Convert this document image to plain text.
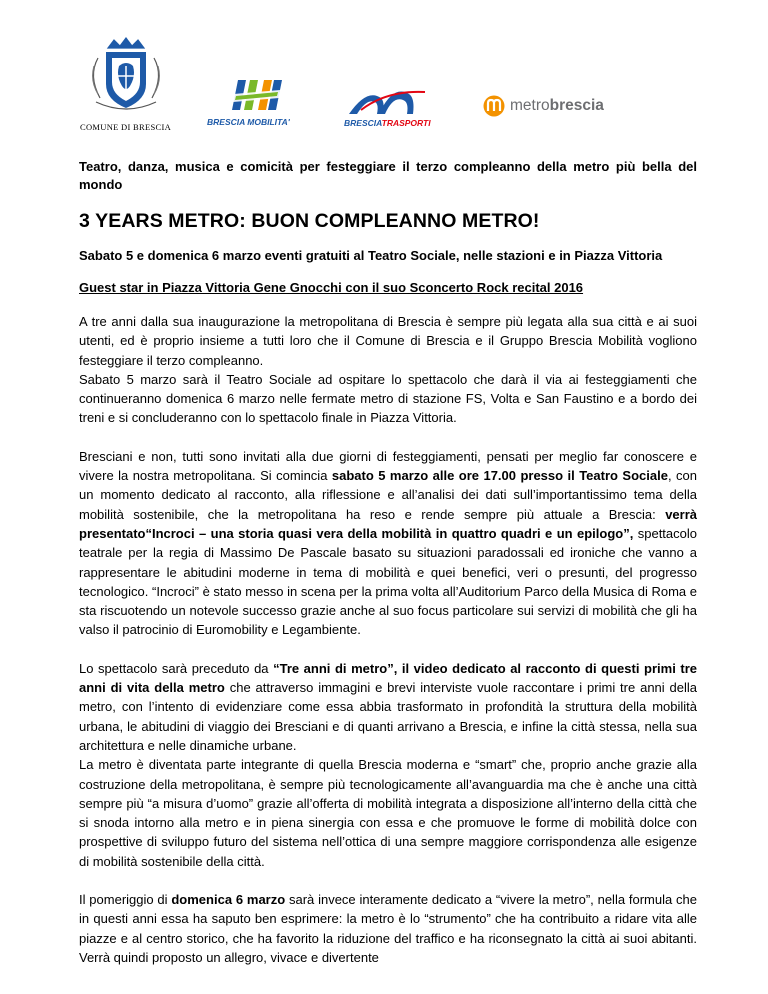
COMUNE DI BRESCIA	BRESCIA MOBILITA'	BRESCIATRASPORTI
metrobrescia

Teatro, danza, musica e comicità per festeggiare il terzo compleanno della metro più bella del mondo

3 YEARS METRO: BUON COMPLEANNO METRO!

Sabato 5 e domenica 6 marzo eventi gratuiti al Teatro Sociale, nelle stazioni e in Piazza Vittoria

Guest star in Piazza Vittoria Gene Gnocchi con il suo Sconcerto Rock recital 2016

A tre anni dalla sua inaugurazione la metropolitana di Brescia è sempre più legata alla sua città e ai suoi utenti, ed è proprio insieme a tutti loro che il Comune di Brescia e il Gruppo Brescia Mobilità vogliono festeggiare il terzo compleanno.

Sabato 5 marzo sarà il Teatro Sociale ad ospitare lo spettacolo che darà il via ai festeggiamenti che continueranno domenica 6 marzo nelle fermate metro di stazione FS, Volta e San Faustino e a bordo dei treni e si concluderanno con lo spettacolo finale in Piazza Vittoria.

Bresciani e non, tutti sono invitati alla due giorni di festeggiamenti, pensati per meglio far conoscere e vivere la nostra metropolitana. Si comincia sabato 5 marzo alle ore 17.00 presso il Teatro Sociale, con un momento dedicato al racconto, alla riflessione e all’analisi dei dati sull’importantissimo tema della mobilità sostenibile, che la metropolitana ha reso e rende sempre più attuale a Brescia: verrà presentato“Incroci – una storia quasi vera della mobilità in quattro quadri e un epilogo”, spettacolo teatrale per la regia di Massimo De Pascale basato su situazioni paradossali ed ironiche che vanno a rappresentare le abitudini moderne in tema di mobilità e quei benefici, veri o presunti, del progresso tecnologico. “Incroci” è stato messo in scena per la prima volta all’Auditorium Parco della Musica di Roma e sta riscuotendo un notevole successo grazie anche al suo focus particolare sui servizi di mobilità che gli ha valso il patrocinio di Euromobility e Legambiente.

Lo spettacolo sarà preceduto da “Tre anni di metro”, il video dedicato al racconto di questi primi tre anni di vita della metro che attraverso immagini e brevi interviste vuole raccontare i primi tre anni della metro, con l’intento di evidenziare come essa abbia trasformato in profondità la struttura della mobilità urbana, le abitudini di viaggio dei Bresciani e di quanti arrivano a Brescia, e infine la città stessa, nella sua architettura e nelle dinamiche urbane.

La metro è diventata parte integrante di quella Brescia moderna e “smart” che, proprio anche grazie alla costruzione della metropolitana, è sempre più tecnologicamente all’avanguardia ma che è anche una città sempre più “a misura d’uomo” grazie all’offerta di mobilità integrata a disposizione all’interno della città che si snoda intorno alla metro e in piena sinergia con essa e che promuove le forme di mobilità dolce con prospettive di sviluppo futuro del sistema nell’ottica di una sempre maggiore corrispondenza alle esigenze di mobilità sostenibile della città.

Il pomeriggio di domenica 6 marzo sarà invece interamente dedicato a “vivere la metro”, nella formula che in questi anni essa ha saputo ben esprimere: la metro è lo “strumento” che ha contribuito a ridare vita alle piazze e al centro storico, che ha favorito la riduzione del traffico e ha riconsegnato la città ai suoi abitanti. Verrà quindi proposto un allegro, vivace e divertente
